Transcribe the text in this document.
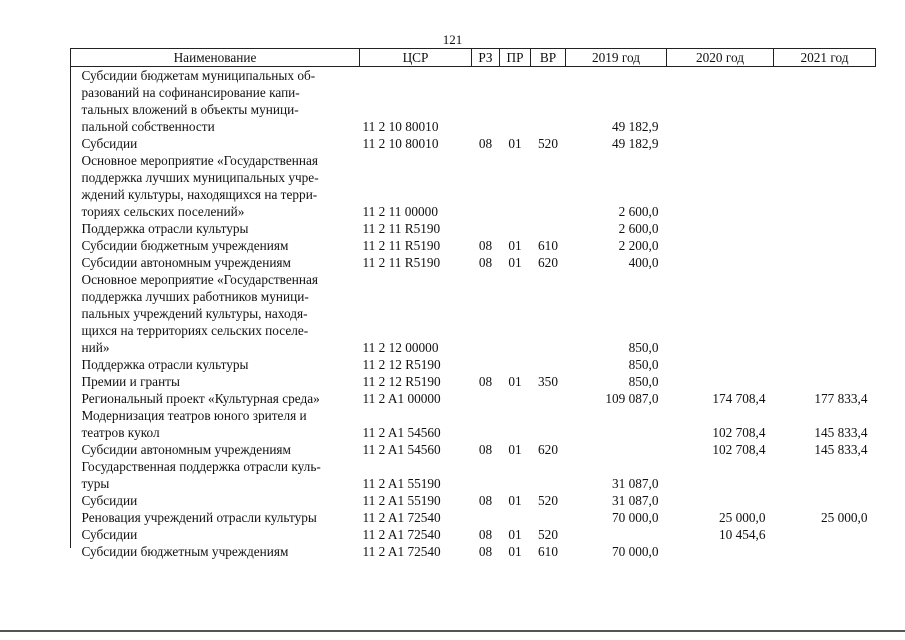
121
Наименование	ЦСР	РЗ	ПР	ВР	2019 год	2020 год	2021 год
Субсидии бюджетам муниципальных об-
разований на софинансирование капи-
тальных вложений в объекты муници-
пальной собственности	11 2 10 80010				49 182,9		
Субсидии	11 2 10 80010	08	01	520	49 182,9		
Основное мероприятие «Государственная
поддержка лучших муниципальных учре-
ждений культуры, находящихся на терри-
ториях сельских поселений»	11 2 11 00000				2 600,0		
Поддержка отрасли культуры	11 2 11 R5190				2 600,0		
Субсидии бюджетным учреждениям	11 2 11 R5190	08	01	610	2 200,0		
Субсидии автономным учреждениям	11 2 11 R5190	08	01	620	400,0		
Основное мероприятие «Государственная
поддержка лучших работников муници-
пальных учреждений культуры, находя-
щихся на территориях сельских поселе-
ний»	11 2 12 00000				850,0		
Поддержка отрасли культуры	11 2 12 R5190				850,0		
Премии и гранты	11 2 12 R5190	08	01	350	850,0		
Региональный проект «Культурная среда»	11 2 A1 00000				109 087,0	174 708,4	177 833,4
Модернизация театров юного зрителя и
театров кукол	11 2 A1 54560					102 708,4	145 833,4
Субсидии автономным учреждениям	11 2 A1 54560	08	01	620		102 708,4	145 833,4
Государственная поддержка отрасли куль-
туры	11 2 A1 55190				31 087,0		
Субсидии	11 2 A1 55190	08	01	520	31 087,0		
Реновация учреждений отрасли культуры	11 2 A1 72540				70 000,0	25 000,0	25 000,0
Субсидии	11 2 A1 72540	08	01	520		10 454,6	
Субсидии бюджетным учреждениям	11 2 A1 72540	08	01	610	70 000,0		
